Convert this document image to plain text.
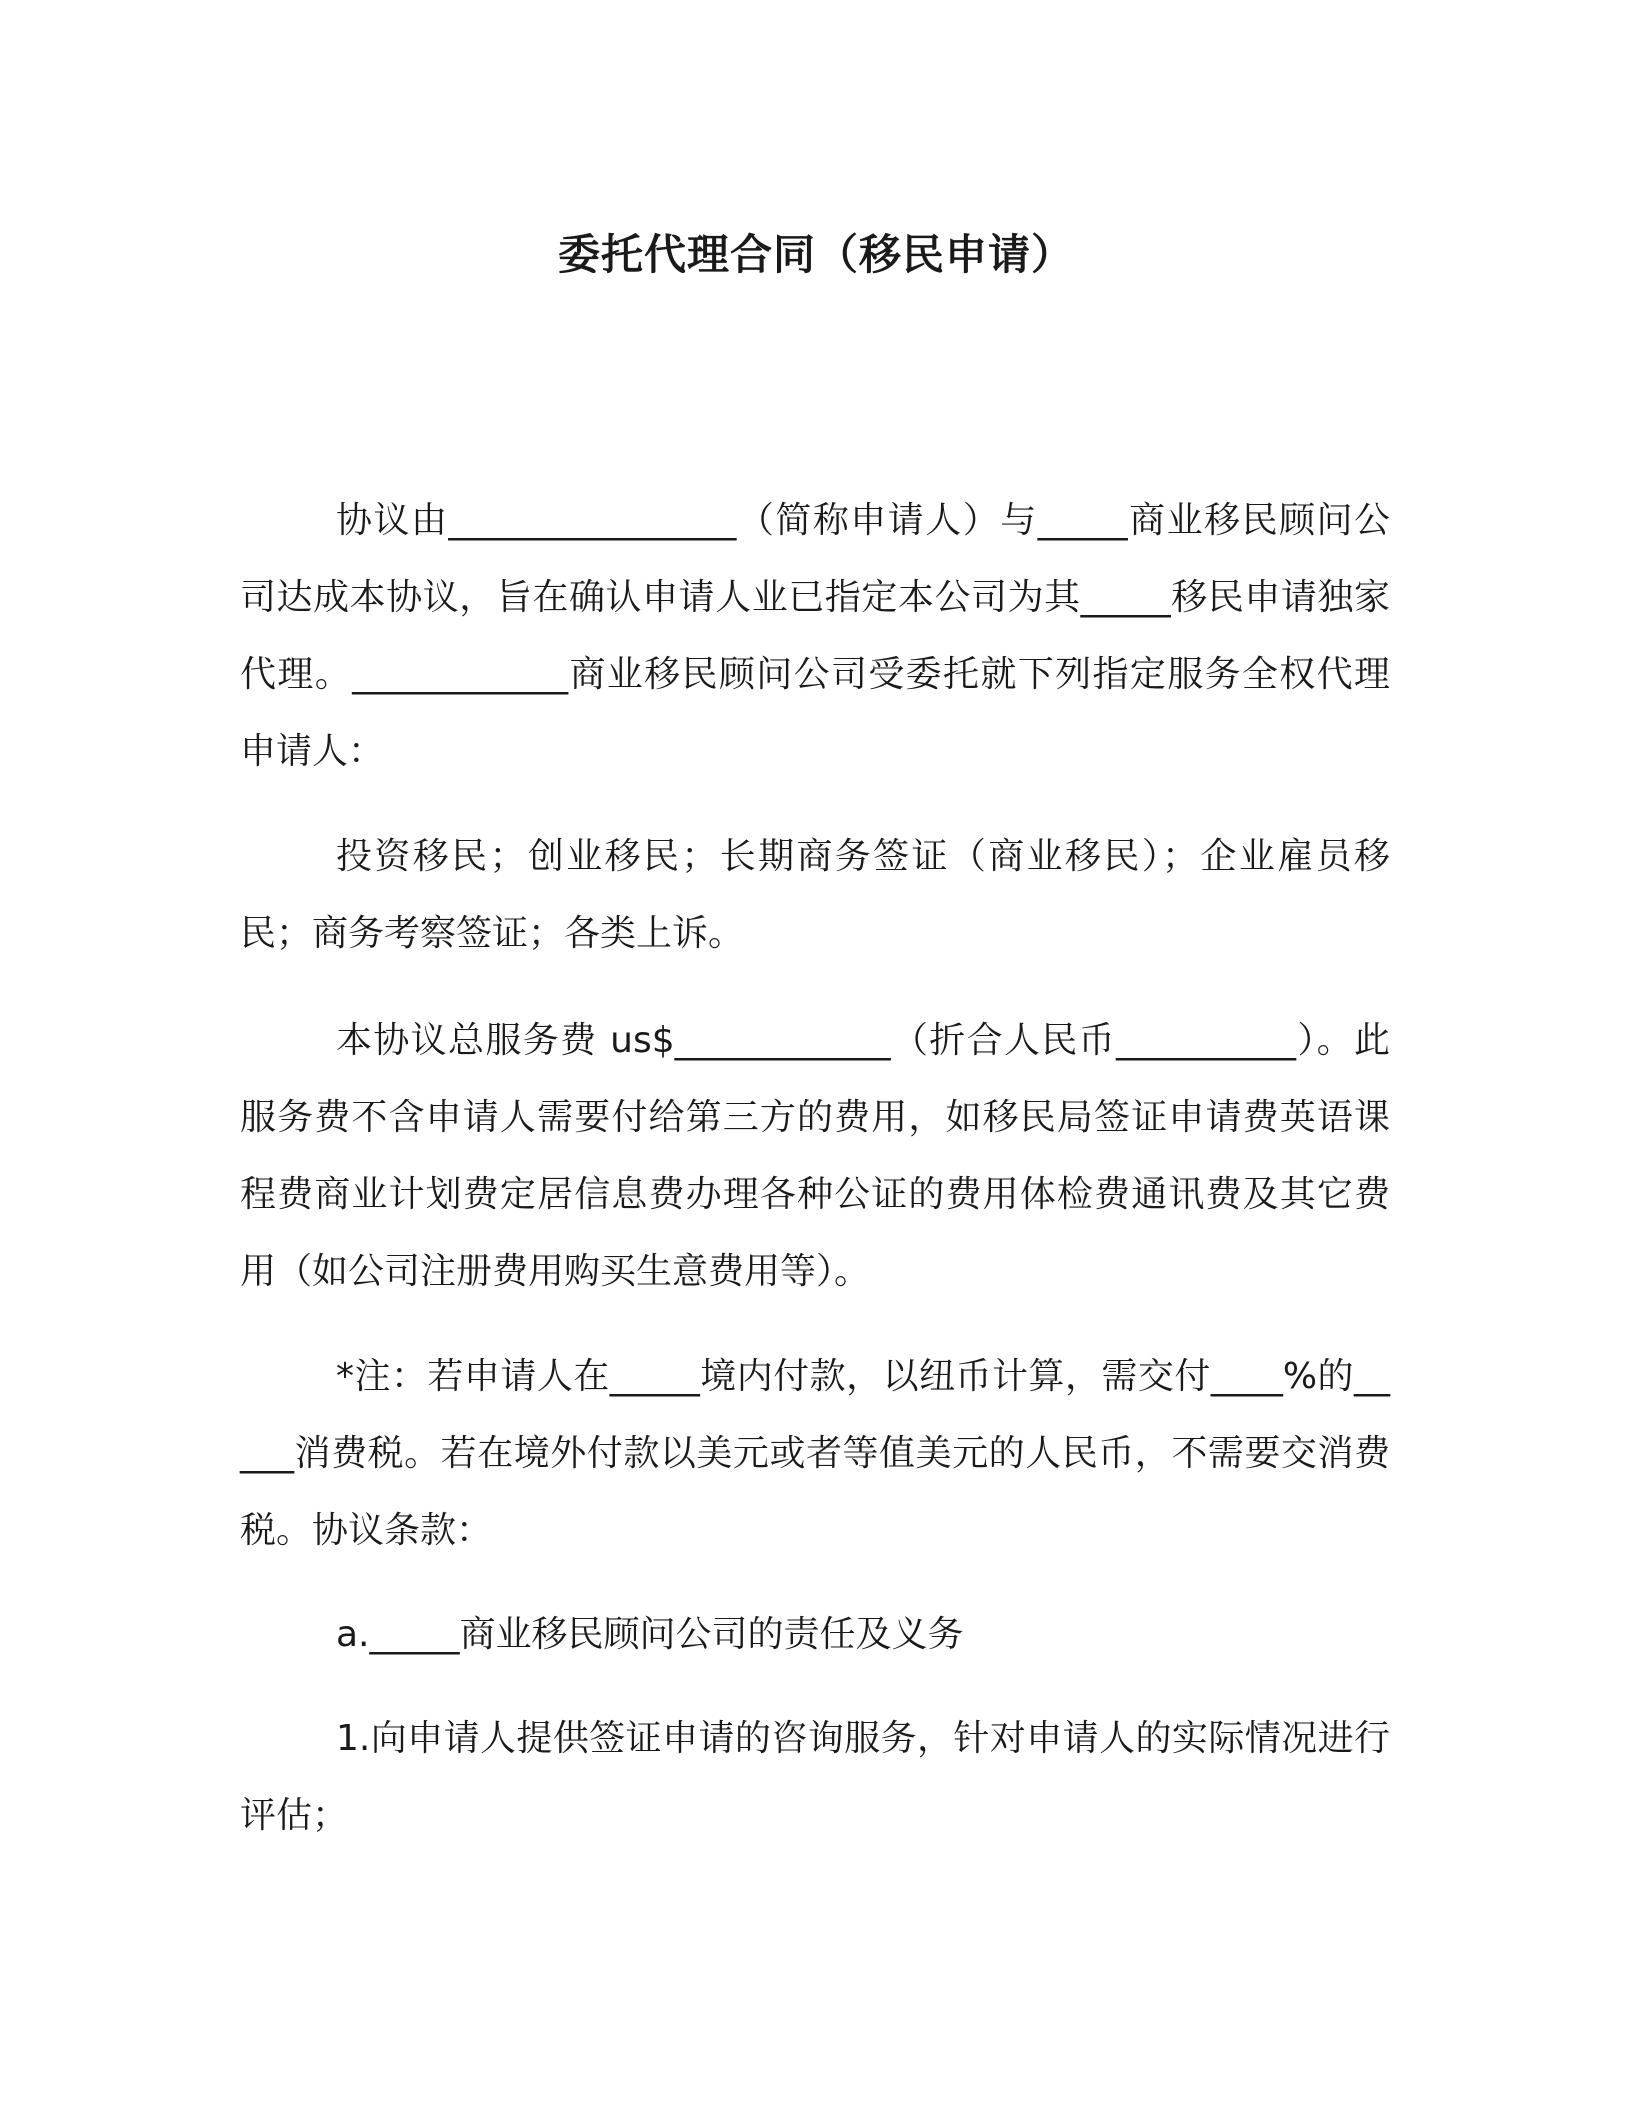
委托代理合同（移民申请）

协议由________________（简称申请人）与_____商业移民顾问公司达成本协议，旨在确认申请人业已指定本公司为其_____移民申请独家代理。____________商业移民顾问公司受委托就下列指定服务全权代理申请人：

投资移民；创业移民；长期商务签证（商业移民）；企业雇员移民；商务考察签证；各类上诉。

本协议总服务费 us$____________（折合人民币__________）。此服务费不含申请人需要付给第三方的费用，如移民局签证申请费英语课程费商业计划费定居信息费办理各种公证的费用体检费通讯费及其它费用（如公司注册费用购买生意费用等）。

*注：若申请人在_____境内付款，以纽币计算，需交付____%的_____消费税。若在境外付款以美元或者等值美元的人民币，不需要交消费税。协议条款：

a._____商业移民顾问公司的责任及义务

1.向申请人提供签证申请的咨询服务，针对申请人的实际情况进行评估；
